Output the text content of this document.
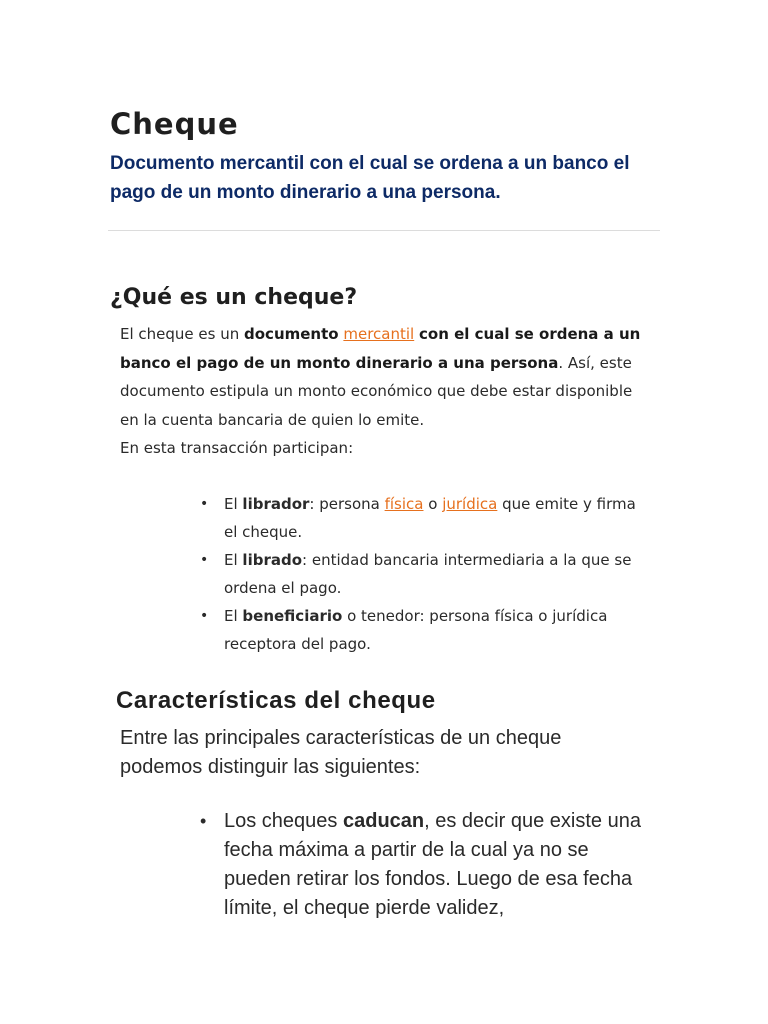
Cheque

Documento mercantil con el cual se ordena a un banco el pago de un monto dinerario a una persona.

¿Qué es un cheque?

El cheque es un documento mercantil con el cual se ordena a un banco el pago de un monto dinerario a una persona. Así, este documento estipula un monto económico que debe estar disponible en la cuenta bancaria de quien lo emite.
En esta transacción participan:

• El librador: persona física o jurídica que emite y firma el cheque.
• El librado: entidad bancaria intermediaria a la que se ordena el pago.
• El beneficiario o tenedor: persona física o jurídica receptora del pago.
Características del cheque

Entre las principales características de un cheque podemos distinguir las siguientes:

• Los cheques caducan, es decir que existe una fecha máxima a partir de la cual ya no se pueden retirar los fondos. Luego de esa fecha límite, el cheque pierde validez,
